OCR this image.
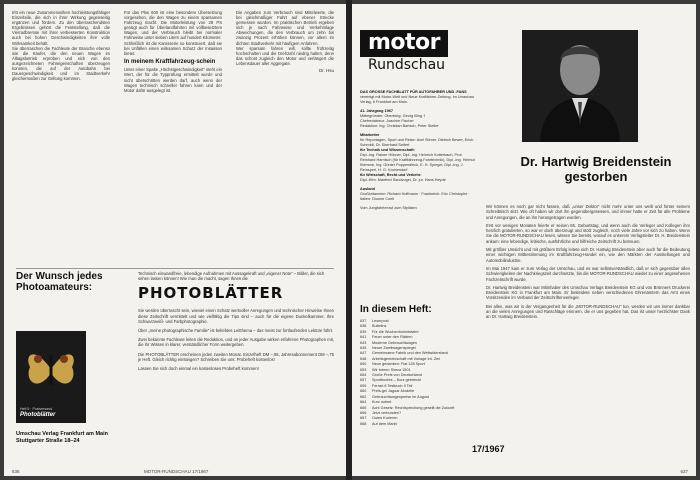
tritt ein neue Zusammenwirken hochleistungsfähiger Einzelteile, die sich in ihrer Wirkung gegenseitig ergänzen und fördern. Zu den überraschendsten Ergebnissen gehört die Feststellung, daß die Vierradbremse mit ihrer verbesserten Konstruktion auch bei hohen Geschwindigkeiten ihre volle Wirksamkeit behält.

Sie überraschen die Fachleute der Branche ebenso wie die Käufer, die den neuen Wagen im Alltagsbetrieb erproben und sich von den ausgezeichneten Fahreigenschaften überzeugen konnten, die auf der Autobahn bei Dauergeschwindigkeit und im Stadtverkehr gleichermaßen zur Geltung kommen.

Für das Pkw 600 ist eine besondere Übersetzung vorgesehen, die den Wagen zu einem sparsamen Fahrzeug macht. Die Motorleistung von 28 PS genügt auch für Überlandfahrten mit vollbesetztem Wagen, und der Verbrauch bleibt bei normaler Fahrweise unter sieben Litern auf hundert Kilometer.

Schließlich ist die Karosserie so konstruiert, daß sie bei Unfällen einen wirksamen Schutz der Insassen bietet.

In meinem Kraftfahrzeug-schein

Unter einer Spalte „Höchstgeschwindigkeit“ steht ein Wert, der für die Typprüfung ermittelt wurde und nicht überschritten werden darf, auch wenn der Wagen technisch schneller fahren kann und der Motor dafür ausgelegt ist.

Die Angaben zum Verbrauch sind Mittelwerte, die bei gleichmäßiger Fahrt auf ebener Strecke gemessen wurden. Im praktischen Betrieb ergeben sich je nach Fahrweise und Verkehrslage Abweichungen, die den Verbrauch um zehn bis zwanzig Prozent erhöhen können, vor allem im dichten Stadtverkehr mit häufigem Anfahren.

Wer sparsam fahren will, sollte frühzeitig hochschalten und die Drehzahl niedrig halten, denn das schont zugleich den Motor und verlängert die Lebensdauer aller Aggregate.

Dr. Hsu

Der Wunsch jedes Photoamateurs:

Heft 5 · Postversand
Photoblätter
Umschau Verlag Frankfurt am Main Stuttgarter Straße 18–24

Technisch einwandfreie, lebendige Aufnahmen mit Aussagekraft und „eigener Note“ – Bilder, die sich sehen lassen können! Wie man die macht, sagen Ihnen die

PHOTOBLÄTTER

Sie werden überrascht sein, wieviel einen Schatz wertvoller Anregungen und technischer Hinweise Ihnen diese Zeitschrift vermittelt und wie vielfältig die Tips sind – auch für die eigene Dunkelkammer, Ihre Schwarzweiß- und Farbphotographie.

Über „meine photographische Familie“ ist beliebtes Leitthema – das meist zur fortlaufenden Lektüre führt.

Zwei bekannte Fachleute leiten die Redaktion, und an jeder Ausgabe wirken erfahrene Photographen mit, die ihr Wissen in klarer, verständlicher Form weitergeben.

Die PHOTOBLÄTTER erscheinen jeden zweiten Monat. Einzelheft DM –,95, Jahresabonnement DM –,75 je Heft. Gleich richtig einsteigen? Schreiben Sie uns: Probeheft kostenlos!

Lassen Sie sich doch einmal ein kostenloses Probeheft kommen!

636	MOTOR-RUNDSCHAU 17/1967
motor
Rundschau
DAS GROSSE FACHBLATT FÜR AUTOFAHRER UND -FANS
vereinigt mit Motor-Welt und Neue Kraftfahrer-Zeitung. Im Umschau Verlag, 6 Frankfurt am Main.
41. Jahrgang 1967
Mitbegründer: Oberbürg. Georg Illing †
Chefredakteur: Joachim Fischer
Redaktion: Ing. Christian Bartsch, Peter Stelbe
Mitarbeiter
für Reportagen, Sport und Reise: Axel Stirner, Dietrich Bewer, Erich Schmidt, Dr. Eberhard Seifert
für Technik und Wissenschaft:
Dipl.-Ing. Rainer Hübner, Dipl.-Ing. Heinrich Kotterbach, Prof. Reinhard Harnisch (für Kraftfahrzeug-Fahrtechnik), Dipl.-Ing. Helmut Klemme, Ing. Günter Poppendieck, E. H. Spiegel, Dipl.-Ing. J. Reinsperl, H. G. Kochendorf
für Wirtschaft, Recht und Verkehr:
Dipl.-Kfm. Manfred Sandvogel, Dr. jur. Hans Heyde
Ausland
Großbritannien: Richard Hoffmann · Frankreich: Eric Christophe · Italien: Dionne Conti
Vom Jungfahrtenruf zum Stylisten
In diesem Heft:
637 Leserpost
638 Bulletins
639 Für die Wochenhoheitsfahrt
641 Feuer unter den Rädern
643 Moderne Gebrauchtwagen
645 Neuer Zweitwagenspiegel
647 Gemeinsame Fabrik und den Weltwiderstand
648 Arbeitsgemeinschaft mit Vorlage Int. Ziel
650 Neue gedanken: Fiat 128 Sport
653 Wir fuhren Simca 1501
654 Große Preis von Deutschland
657 Sportbootes – Kurz gestreckt
659 Ferrari-fi Testbuch II Teil
660 Preis-gel Jaguar-Modelle
662 Gebrauchtwagenpreise im August
664 Kurz notiert
665 Acht Gesetz: Rechtsprechung gesellt die Zukunft
666 Jetzt verbunden?
667 Gutes Kurieren
668 Auf dem Markt
17/1967
Dr. Hartwig Breidenstein gestorben

Wir können es noch gar nicht fassen, daß „unser Doktor“ nicht mehr unter uns weilt und hinter seinem Schreibtisch sitzt. Wie oft haben wir dort ihn gegenübergesessen, und immer hatte er Zeit für alle Probleme und Anregungen, die an ihn herangetragen wurden.

Erst vor wenigen Monaten feierte er seinen 65. Geburtstag, und wenn auch die Verleger und Kollegen ihm herzlich gratulierten, so war er doch überzeugt und stolz zugleich, noch viele Jahre vor sich zu haben. Wenn Sie die MOTOR-RUNDSCHAU lesen, wissen Sie bereits, worauf es unserem Verlagsleiter Dr. H. Breidenstein ankam: eine lebendige, kritische, ausführliche und hilfreiche Zeitschrift zu betreuen.

Mit größter Umsicht und mit größtem Erfolg leitete sich Dr. Hartwig Breidenstein aber auch für die Bedeutung einer wichtigen Mitbestimmung im Kraftfahrzeug-Handel ein, wie den Märkten der Ausstellungen und Automobilindustrie.

Im Mai 1947 kam er zum Verlag der Umschau, und es war selbstverständlich, daß er sich gegenüber allen Schwierigkeiten der Nachkriegszeit durchsetzte, bis die MOTOR-RUNDSCHAU wieder zu einer angesehenen Fachzeitschrift wurde.

Dr. Hartwig Breidenstein war Mitinhaber des Umschau Verlags Breidenstein KG und von Brönners Druckerei Breidenstein KG in Frankfurt am Main. Er bekleidete neben verschiedenen Ehrenämtern das Amt eines Vorsitzenden im Verband der Zeitschriftenverleger.

Bei allen, was wir in der Vergangenheit für die „MOTOR-RUNDSCHAU“ tun, werden wir uns immer dankbar an die vielen Anregungen und Ratschläge erinnern, die er uns gegeben hat. Das ist unser herzlichster Dank an Dr. Hartwig Breidenstein.

637
